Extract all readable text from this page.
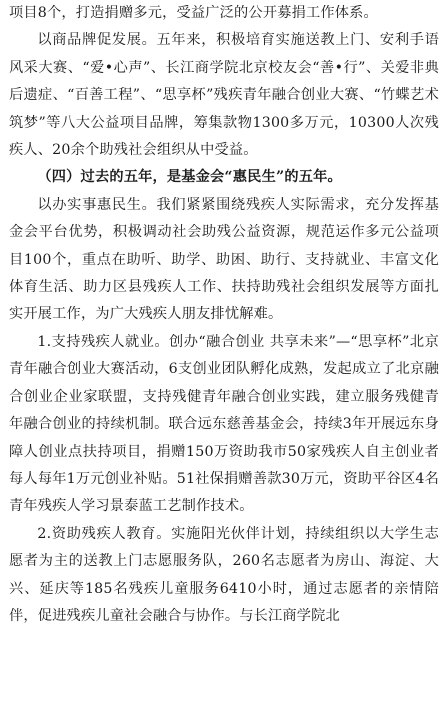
项目8个，打造捐赠多元，受益广泛的公开募捐工作体系。

以商品牌促发展。五年来，积极培育实施送教上门、安利手语风采大赛、“爱•心声”、长江商学院北京校友会“善•行”、关爱非典后遗症、“百善工程”、“思享杯”残疾青年融合创业大赛、“竹蝶艺术筑梦”等八大公益项目品牌，筹集款物1300多万元，10300人次残疾人、20余个助残社会组织从中受益。

（四）过去的五年，是基金会“惠民生”的五年。

以办实事惠民生。我们紧紧围绕残疾人实际需求，充分发挥基金会平台优势，积极调动社会助残公益资源，规范运作多元公益项目100个，重点在助听、助学、助困、助行、支持就业、丰富文化体育生活、助力区县残疾人工作、扶持助残社会组织发展等方面扎实开展工作，为广大残疾人朋友排忧解难。

1.支持残疾人就业。创办“融合创业 共享未来”—“思享杯”北京青年融合创业大赛活动，6支创业团队孵化成熟，发起成立了北京融合创业企业家联盟，支持残健青年融合创业实践，建立服务残健青年融合创业的持续机制。联合远东慈善基金会，持续3年开展远东身障人创业点扶持项目，捐赠150万资助我市50家残疾人自主创业者每人每年1万元创业补贴。51社保捐赠善款30万元，资助平谷区4名青年残疾人学习景泰蓝工艺制作技术。

2.资助残疾人教育。实施阳光伙伴计划，持续组织以大学生志愿者为主的送教上门志愿服务队，260名志愿者为房山、海淀、大兴、延庆等185名残疾儿童服务6410小时，通过志愿者的亲情陪伴，促进残疾儿童社会融合与协作。与长江商学院北
